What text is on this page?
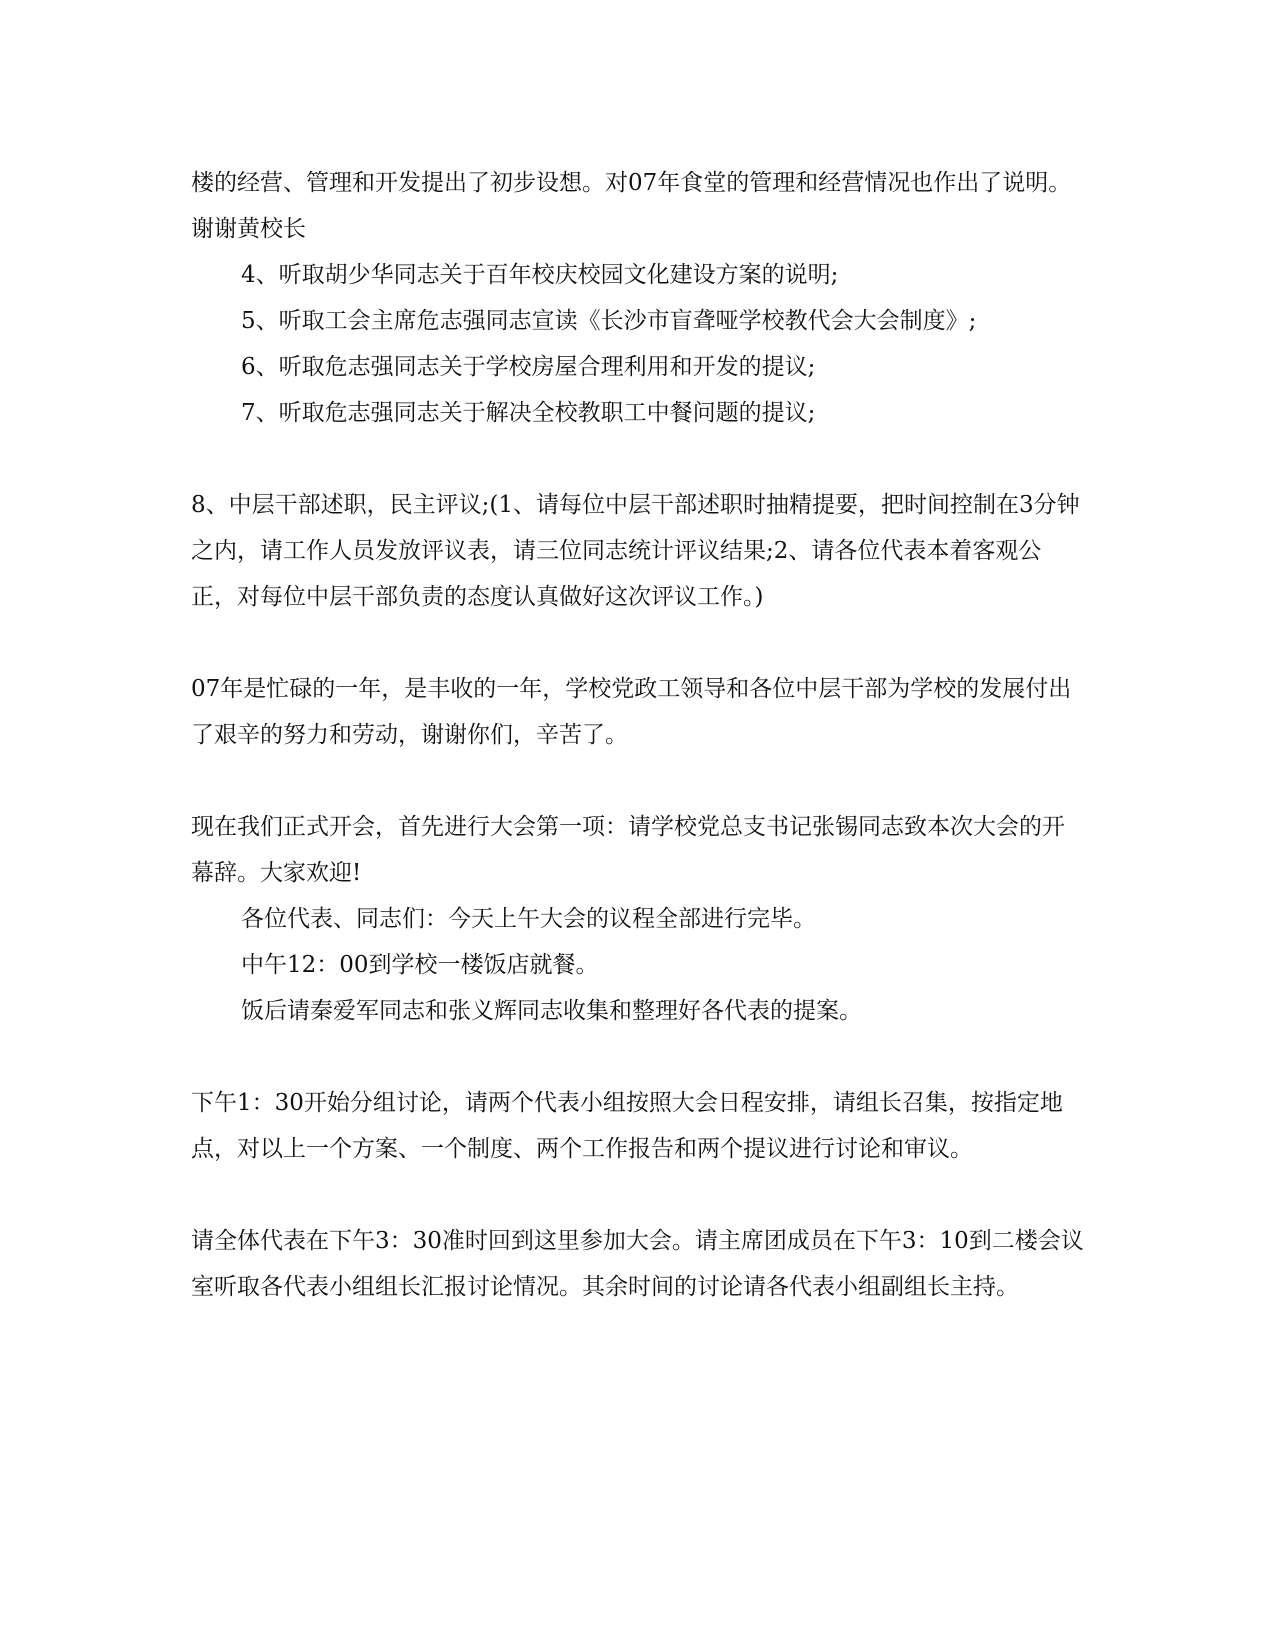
楼的经营、管理和开发提出了初步设想。对07年食堂的管理和经营情况也作出了说明。谢谢黄校长

4、听取胡少华同志关于百年校庆校园文化建设方案的说明;

5、听取工会主席危志强同志宣读《长沙市盲聋哑学校教代会大会制度》;

6、听取危志强同志关于学校房屋合理利用和开发的提议;

7、听取危志强同志关于解决全校教职工中餐问题的提议;

8、中层干部述职，民主评议;(1、请每位中层干部述职时抽精提要，把时间控制在3分钟之内，请工作人员发放评议表，请三位同志统计评议结果;2、请各位代表本着客观公正，对每位中层干部负责的态度认真做好这次评议工作。)

07年是忙碌的一年，是丰收的一年，学校党政工领导和各位中层干部为学校的发展付出了艰辛的努力和劳动，谢谢你们，辛苦了。

现在我们正式开会，首先进行大会第一项：请学校党总支书记张锡同志致本次大会的开幕辞。大家欢迎!

各位代表、同志们：今天上午大会的议程全部进行完毕。

中午12：00到学校一楼饭店就餐。

饭后请秦爱军同志和张义辉同志收集和整理好各代表的提案。

下午1：30开始分组讨论，请两个代表小组按照大会日程安排，请组长召集，按指定地点，对以上一个方案、一个制度、两个工作报告和两个提议进行讨论和审议。

请全体代表在下午3：30准时回到这里参加大会。请主席团成员在下午3：10到二楼会议室听取各代表小组组长汇报讨论情况。其余时间的讨论请各代表小组副组长主持。
